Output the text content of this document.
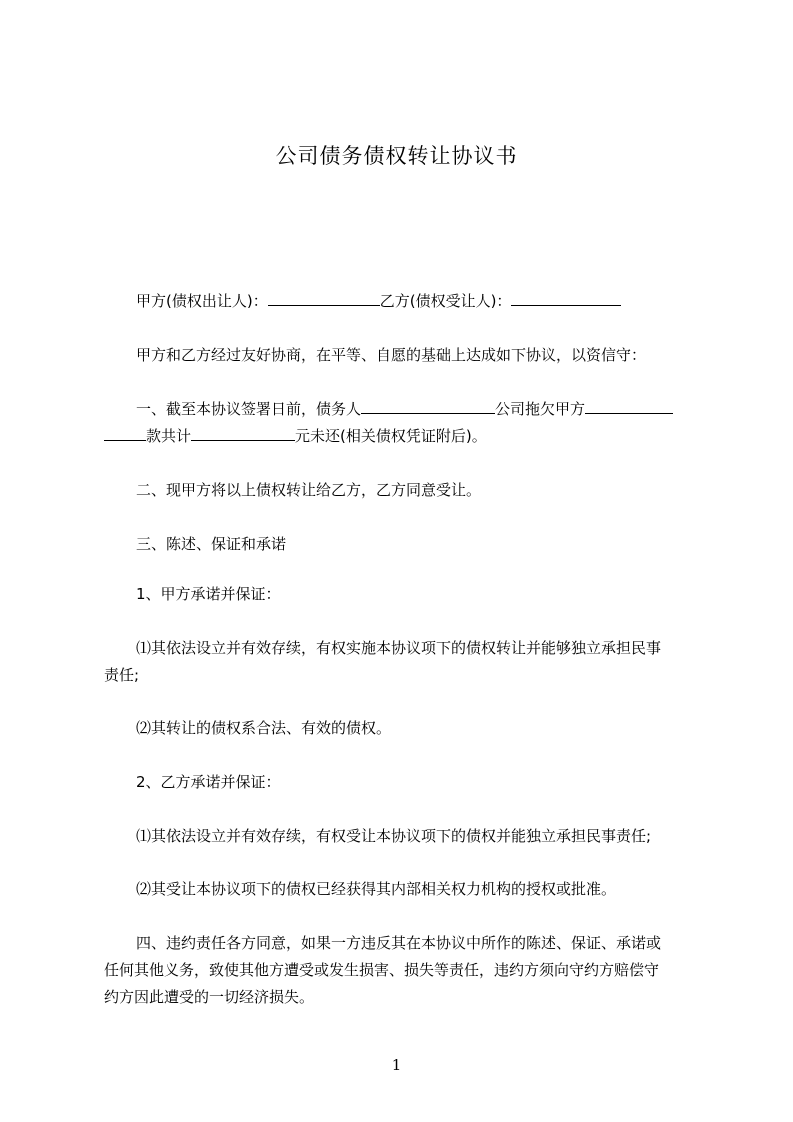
公司债务债权转让协议书
甲方(债权出让人)：	乙方(债权受让人)：
甲方和乙方经过友好协商，在平等、自愿的基础上达成如下协议，以资信守：
一、截至本协议签署日前，债务人	公司拖欠甲方
款共计	元未还(相关债权凭证附后)。
二、现甲方将以上债权转让给乙方，乙方同意受让。
三、陈述、保证和承诺
1、甲方承诺并保证：
⑴其依法设立并有效存续，有权实施本协议项下的债权转让并能够独立承担民事
责任;
⑵其转让的债权系合法、有效的债权。
2、乙方承诺并保证：
⑴其依法设立并有效存续，有权受让本协议项下的债权并能独立承担民事责任;
⑵其受让本协议项下的债权已经获得其内部相关权力机构的授权或批准。
四、违约责任各方同意，如果一方违反其在本协议中所作的陈述、保证、承诺或
任何其他义务，致使其他方遭受或发生损害、损失等责任，违约方须向守约方赔偿守
约方因此遭受的一切经济损失。
1
